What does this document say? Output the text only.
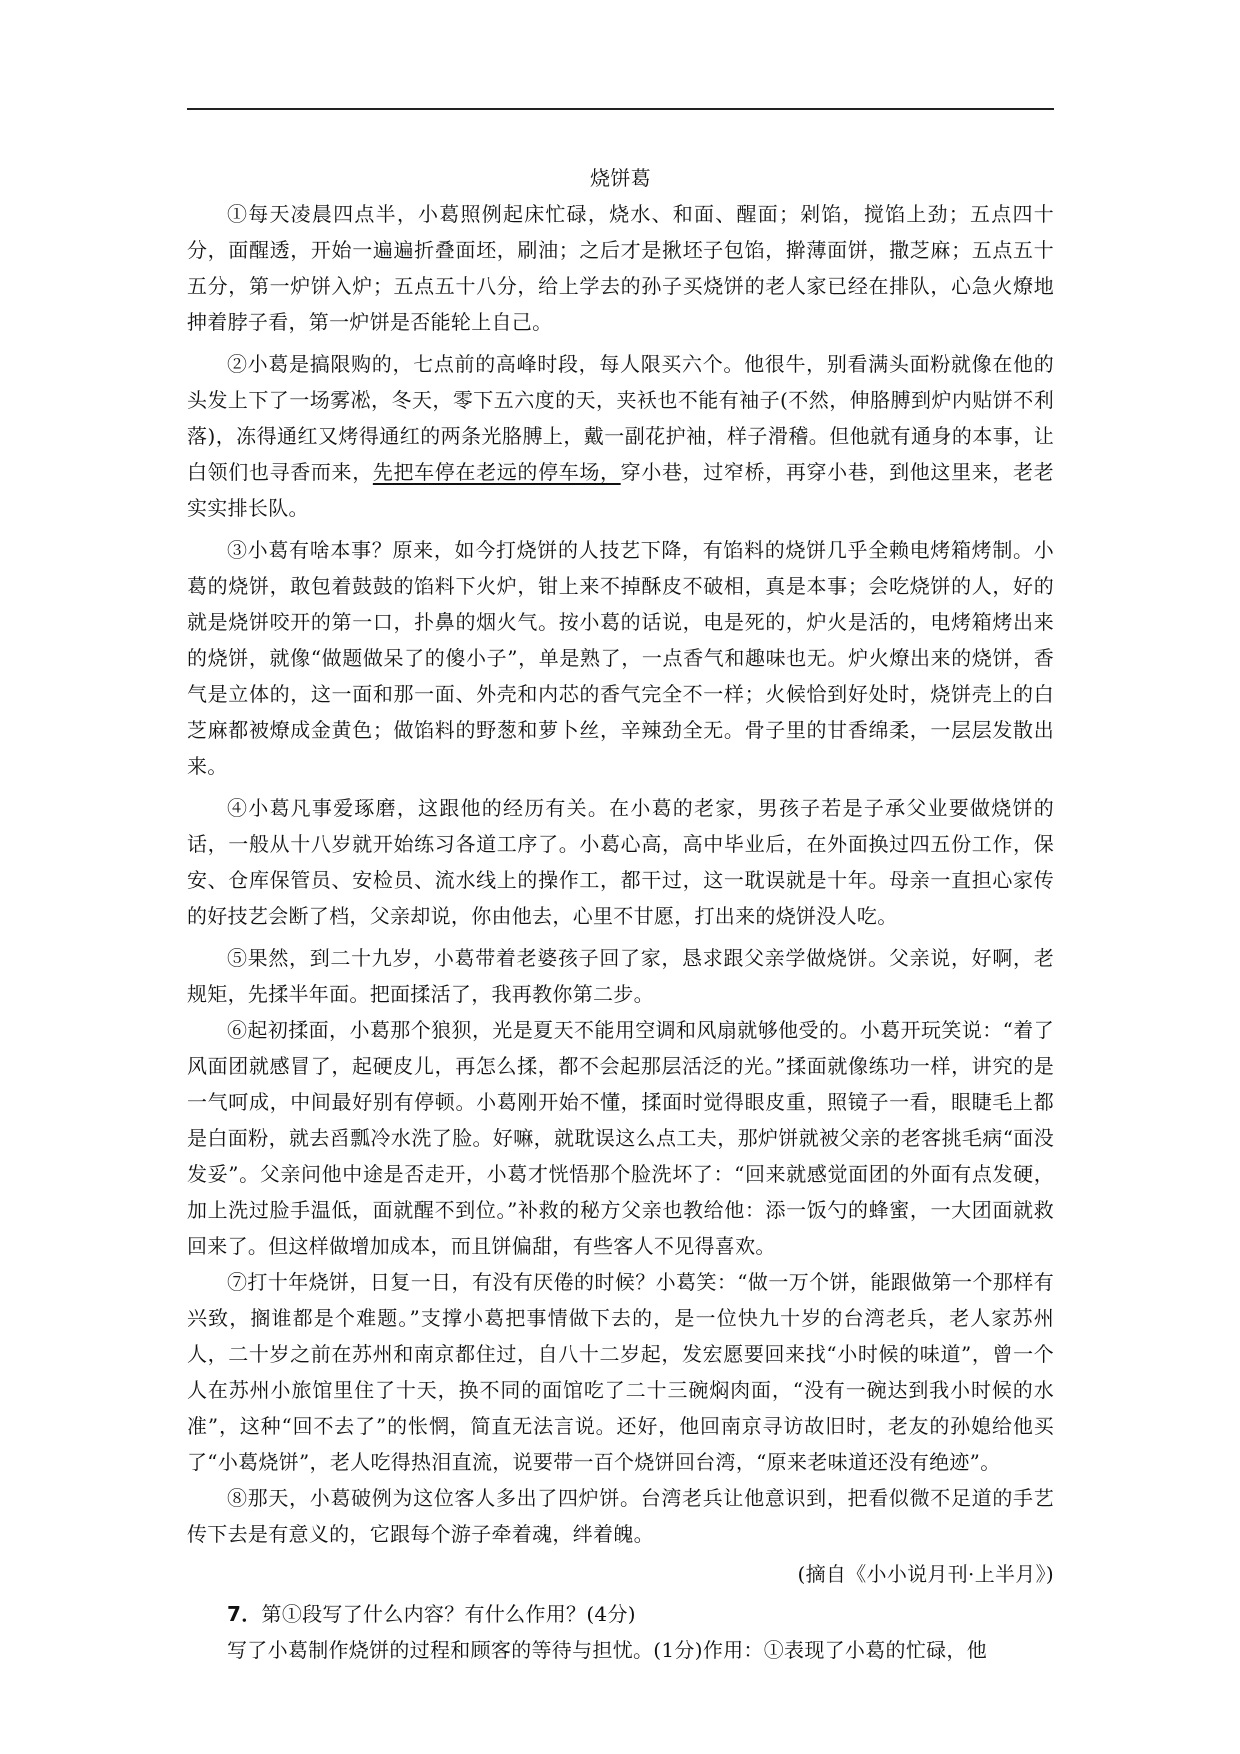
烧饼葛

①每天凌晨四点半，小葛照例起床忙碌，烧水、和面、醒面；剁馅，搅馅上劲；五点四十分，面醒透，开始一遍遍折叠面坯，刷油；之后才是揪坯子包馅，擀薄面饼，撒芝麻；五点五十五分，第一炉饼入炉；五点五十八分，给上学去的孙子买烧饼的老人家已经在排队，心急火燎地抻着脖子看，第一炉饼是否能轮上自己。

②小葛是搞限购的，七点前的高峰时段，每人限买六个。他很牛，别看满头面粉就像在他的头发上下了一场雾凇，冬天，零下五六度的天，夹袄也不能有袖子(不然，伸胳膊到炉内贴饼不利落)，冻得通红又烤得通红的两条光胳膊上，戴一副花护袖，样子滑稽。但他就有通身的本事，让白领们也寻香而来，先把车停在老远的停车场，穿小巷，过窄桥，再穿小巷，到他这里来，老老实实排长队。

③小葛有啥本事？原来，如今打烧饼的人技艺下降，有馅料的烧饼几乎全赖电烤箱烤制。小葛的烧饼，敢包着鼓鼓的馅料下火炉，钳上来不掉酥皮不破相，真是本事；会吃烧饼的人，好的就是烧饼咬开的第一口，扑鼻的烟火气。按小葛的话说，电是死的，炉火是活的，电烤箱烤出来的烧饼，就像“做题做呆了的傻小子”，单是熟了，一点香气和趣味也无。炉火燎出来的烧饼，香气是立体的，这一面和那一面、外壳和内芯的香气完全不一样；火候恰到好处时，烧饼壳上的白芝麻都被燎成金黄色；做馅料的野葱和萝卜丝，辛辣劲全无。骨子里的甘香绵柔，一层层发散出来。

④小葛凡事爱琢磨，这跟他的经历有关。在小葛的老家，男孩子若是子承父业要做烧饼的话，一般从十八岁就开始练习各道工序了。小葛心高，高中毕业后，在外面换过四五份工作，保安、仓库保管员、安检员、流水线上的操作工，都干过，这一耽误就是十年。母亲一直担心家传的好技艺会断了档，父亲却说，你由他去，心里不甘愿，打出来的烧饼没人吃。

⑤果然，到二十九岁，小葛带着老婆孩子回了家，恳求跟父亲学做烧饼。父亲说，好啊，老规矩，先揉半年面。把面揉活了，我再教你第二步。

⑥起初揉面，小葛那个狼狈，光是夏天不能用空调和风扇就够他受的。小葛开玩笑说：“着了风面团就感冒了，起硬皮儿，再怎么揉，都不会起那层活泛的光。”揉面就像练功一样，讲究的是一气呵成，中间最好别有停顿。小葛刚开始不懂，揉面时觉得眼皮重，照镜子一看，眼睫毛上都是白面粉，就去舀瓢冷水洗了脸。好嘛，就耽误这么点工夫，那炉饼就被父亲的老客挑毛病“面没发妥”。父亲问他中途是否走开，小葛才恍悟那个脸洗坏了：“回来就感觉面团的外面有点发硬，加上洗过脸手温低，面就醒不到位。”补救的秘方父亲也教给他：添一饭勺的蜂蜜，一大团面就救回来了。但这样做增加成本，而且饼偏甜，有些客人不见得喜欢。

⑦打十年烧饼，日复一日，有没有厌倦的时候？小葛笑：“做一万个饼，能跟做第一个那样有兴致，搁谁都是个难题。”支撑小葛把事情做下去的，是一位快九十岁的台湾老兵，老人家苏州人，二十岁之前在苏州和南京都住过，自八十二岁起，发宏愿要回来找“小时候的味道”，曾一个人在苏州小旅馆里住了十天，换不同的面馆吃了二十三碗焖肉面，“没有一碗达到我小时候的水准”，这种“回不去了”的怅惘，简直无法言说。还好，他回南京寻访故旧时，老友的孙媳给他买了“小葛烧饼”，老人吃得热泪直流，说要带一百个烧饼回台湾，“原来老味道还没有绝迹”。

⑧那天，小葛破例为这位客人多出了四炉饼。台湾老兵让他意识到，把看似微不足道的手艺传下去是有意义的，它跟每个游子牵着魂，绊着魄。

(摘自《小小说月刊·上半月》)

7．第①段写了什么内容？有什么作用？(4分)

写了小葛制作烧饼的过程和顾客的等待与担忧。(1分)作用：①表现了小葛的忙碌，他
